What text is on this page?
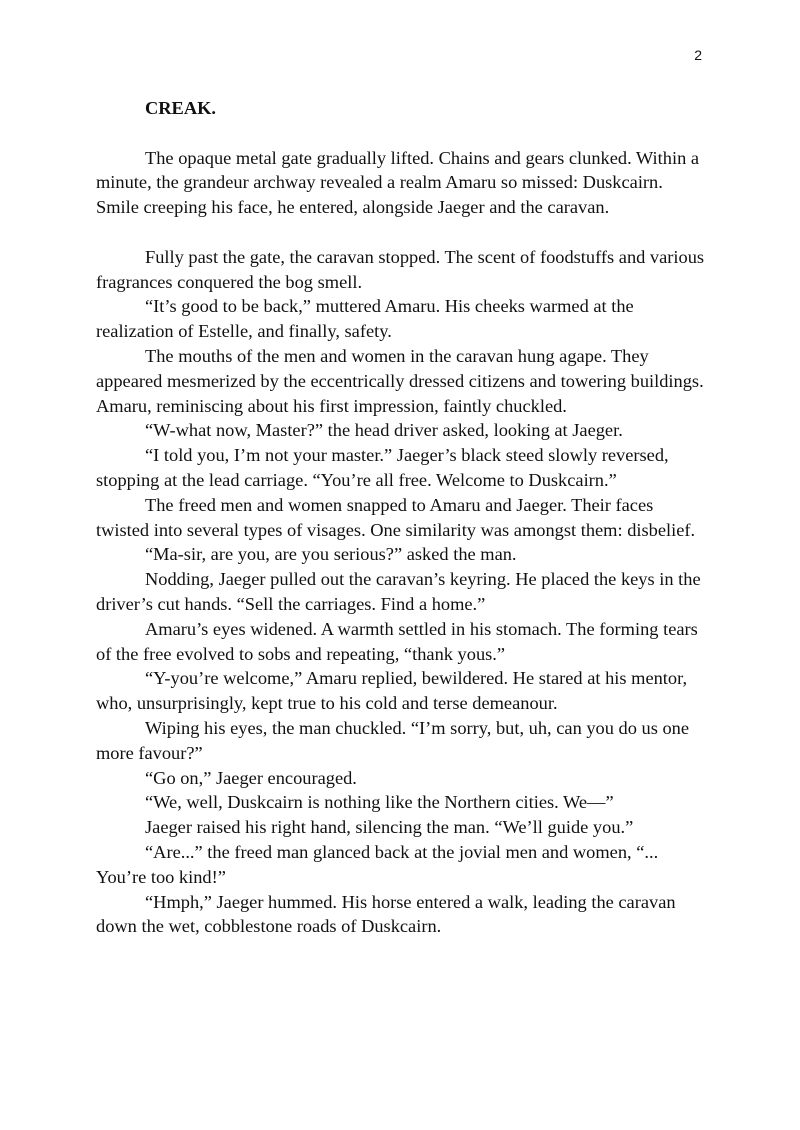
2

CREAK.

The opaque metal gate gradually lifted. Chains and gears clunked. Within a minute, the grandeur archway revealed a realm Amaru so missed: Duskcairn. Smile creeping his face, he entered, alongside Jaeger and the caravan.

Fully past the gate, the caravan stopped. The scent of foodstuffs and various fragrances conquered the bog smell.

“It’s good to be back,” muttered Amaru. His cheeks warmed at the realization of Estelle, and finally, safety.

The mouths of the men and women in the caravan hung agape. They appeared mesmerized by the eccentrically dressed citizens and towering buildings. Amaru, reminiscing about his first impression, faintly chuckled.

“W-what now, Master?” the head driver asked, looking at Jaeger.

“I told you, I’m not your master.” Jaeger’s black steed slowly reversed, stopping at the lead carriage. “You’re all free. Welcome to Duskcairn.”

The freed men and women snapped to Amaru and Jaeger. Their faces twisted into several types of visages. One similarity was amongst them: disbelief.

“Ma-sir, are you, are you serious?” asked the man.

Nodding, Jaeger pulled out the caravan’s keyring. He placed the keys in the driver’s cut hands. “Sell the carriages. Find a home.”

Amaru’s eyes widened. A warmth settled in his stomach. The forming tears of the free evolved to sobs and repeating, “thank yous.”

“Y-you’re welcome,” Amaru replied, bewildered. He stared at his mentor, who, unsurprisingly, kept true to his cold and terse demeanour.

Wiping his eyes, the man chuckled. “I’m sorry, but, uh, can you do us one more favour?”

“Go on,” Jaeger encouraged.

“We, well, Duskcairn is nothing like the Northern cities. We—”

Jaeger raised his right hand, silencing the man. “We’ll guide you.”

“Are...” the freed man glanced back at the jovial men and women, “... You’re too kind!”

“Hmph,” Jaeger hummed. His horse entered a walk, leading the caravan down the wet, cobblestone roads of Duskcairn.
